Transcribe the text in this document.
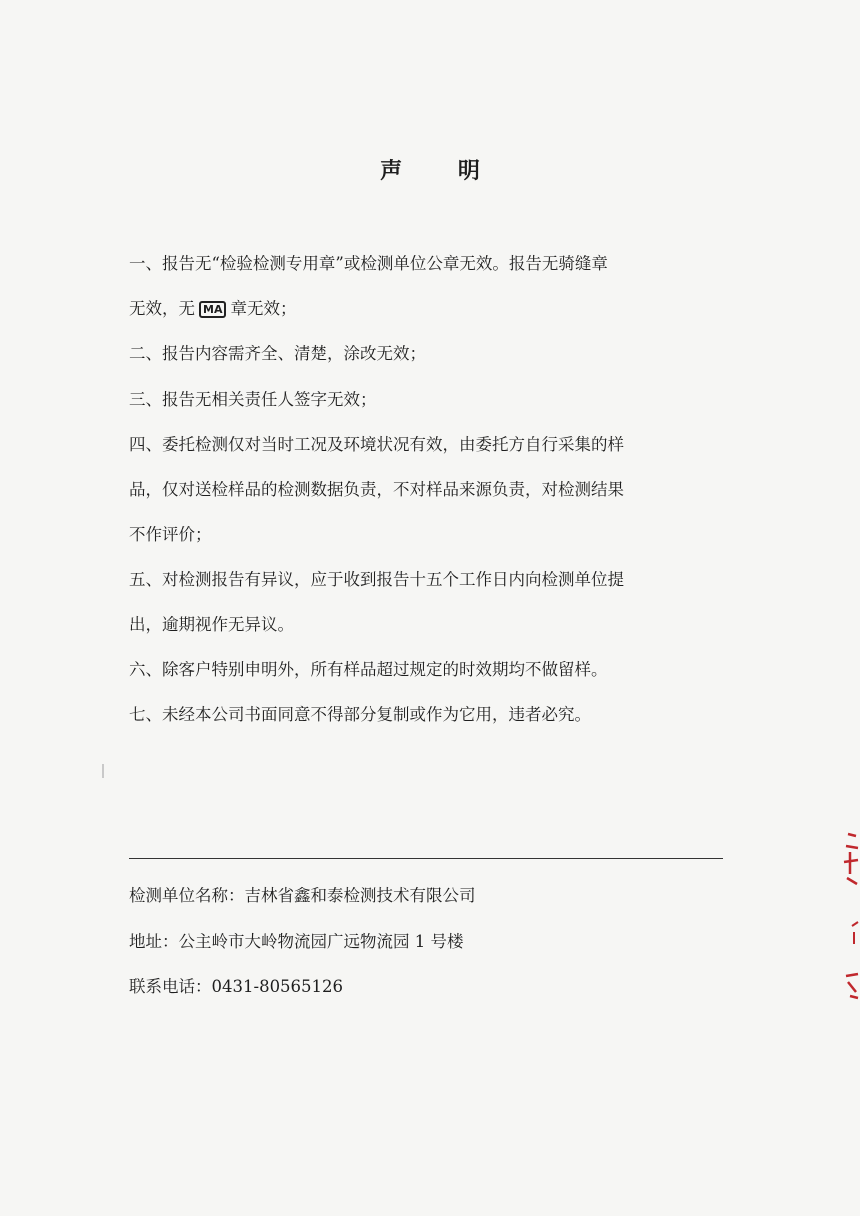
声 明
一、报告无“检验检测专用章”或检测单位公章无效。报告无骑缝章
无效，无 MA 章无效；
二、报告内容需齐全、清楚，涂改无效；
三、报告无相关责任人签字无效；
四、委托检测仅对当时工况及环境状况有效，由委托方自行采集的样
品，仅对送检样品的检测数据负责，不对样品来源负责，对检测结果
不作评价；
五、对检测报告有异议，应于收到报告十五个工作日内向检测单位提
出，逾期视作无异议。
六、除客户特别申明外，所有样品超过规定的时效期均不做留样。
七、未经本公司书面同意不得部分复制或作为它用，违者必究。
检测单位名称：吉林省鑫和泰检测技术有限公司
地址：公主岭市大岭物流园广远物流园 1 号楼
联系电话：0431-80565126
